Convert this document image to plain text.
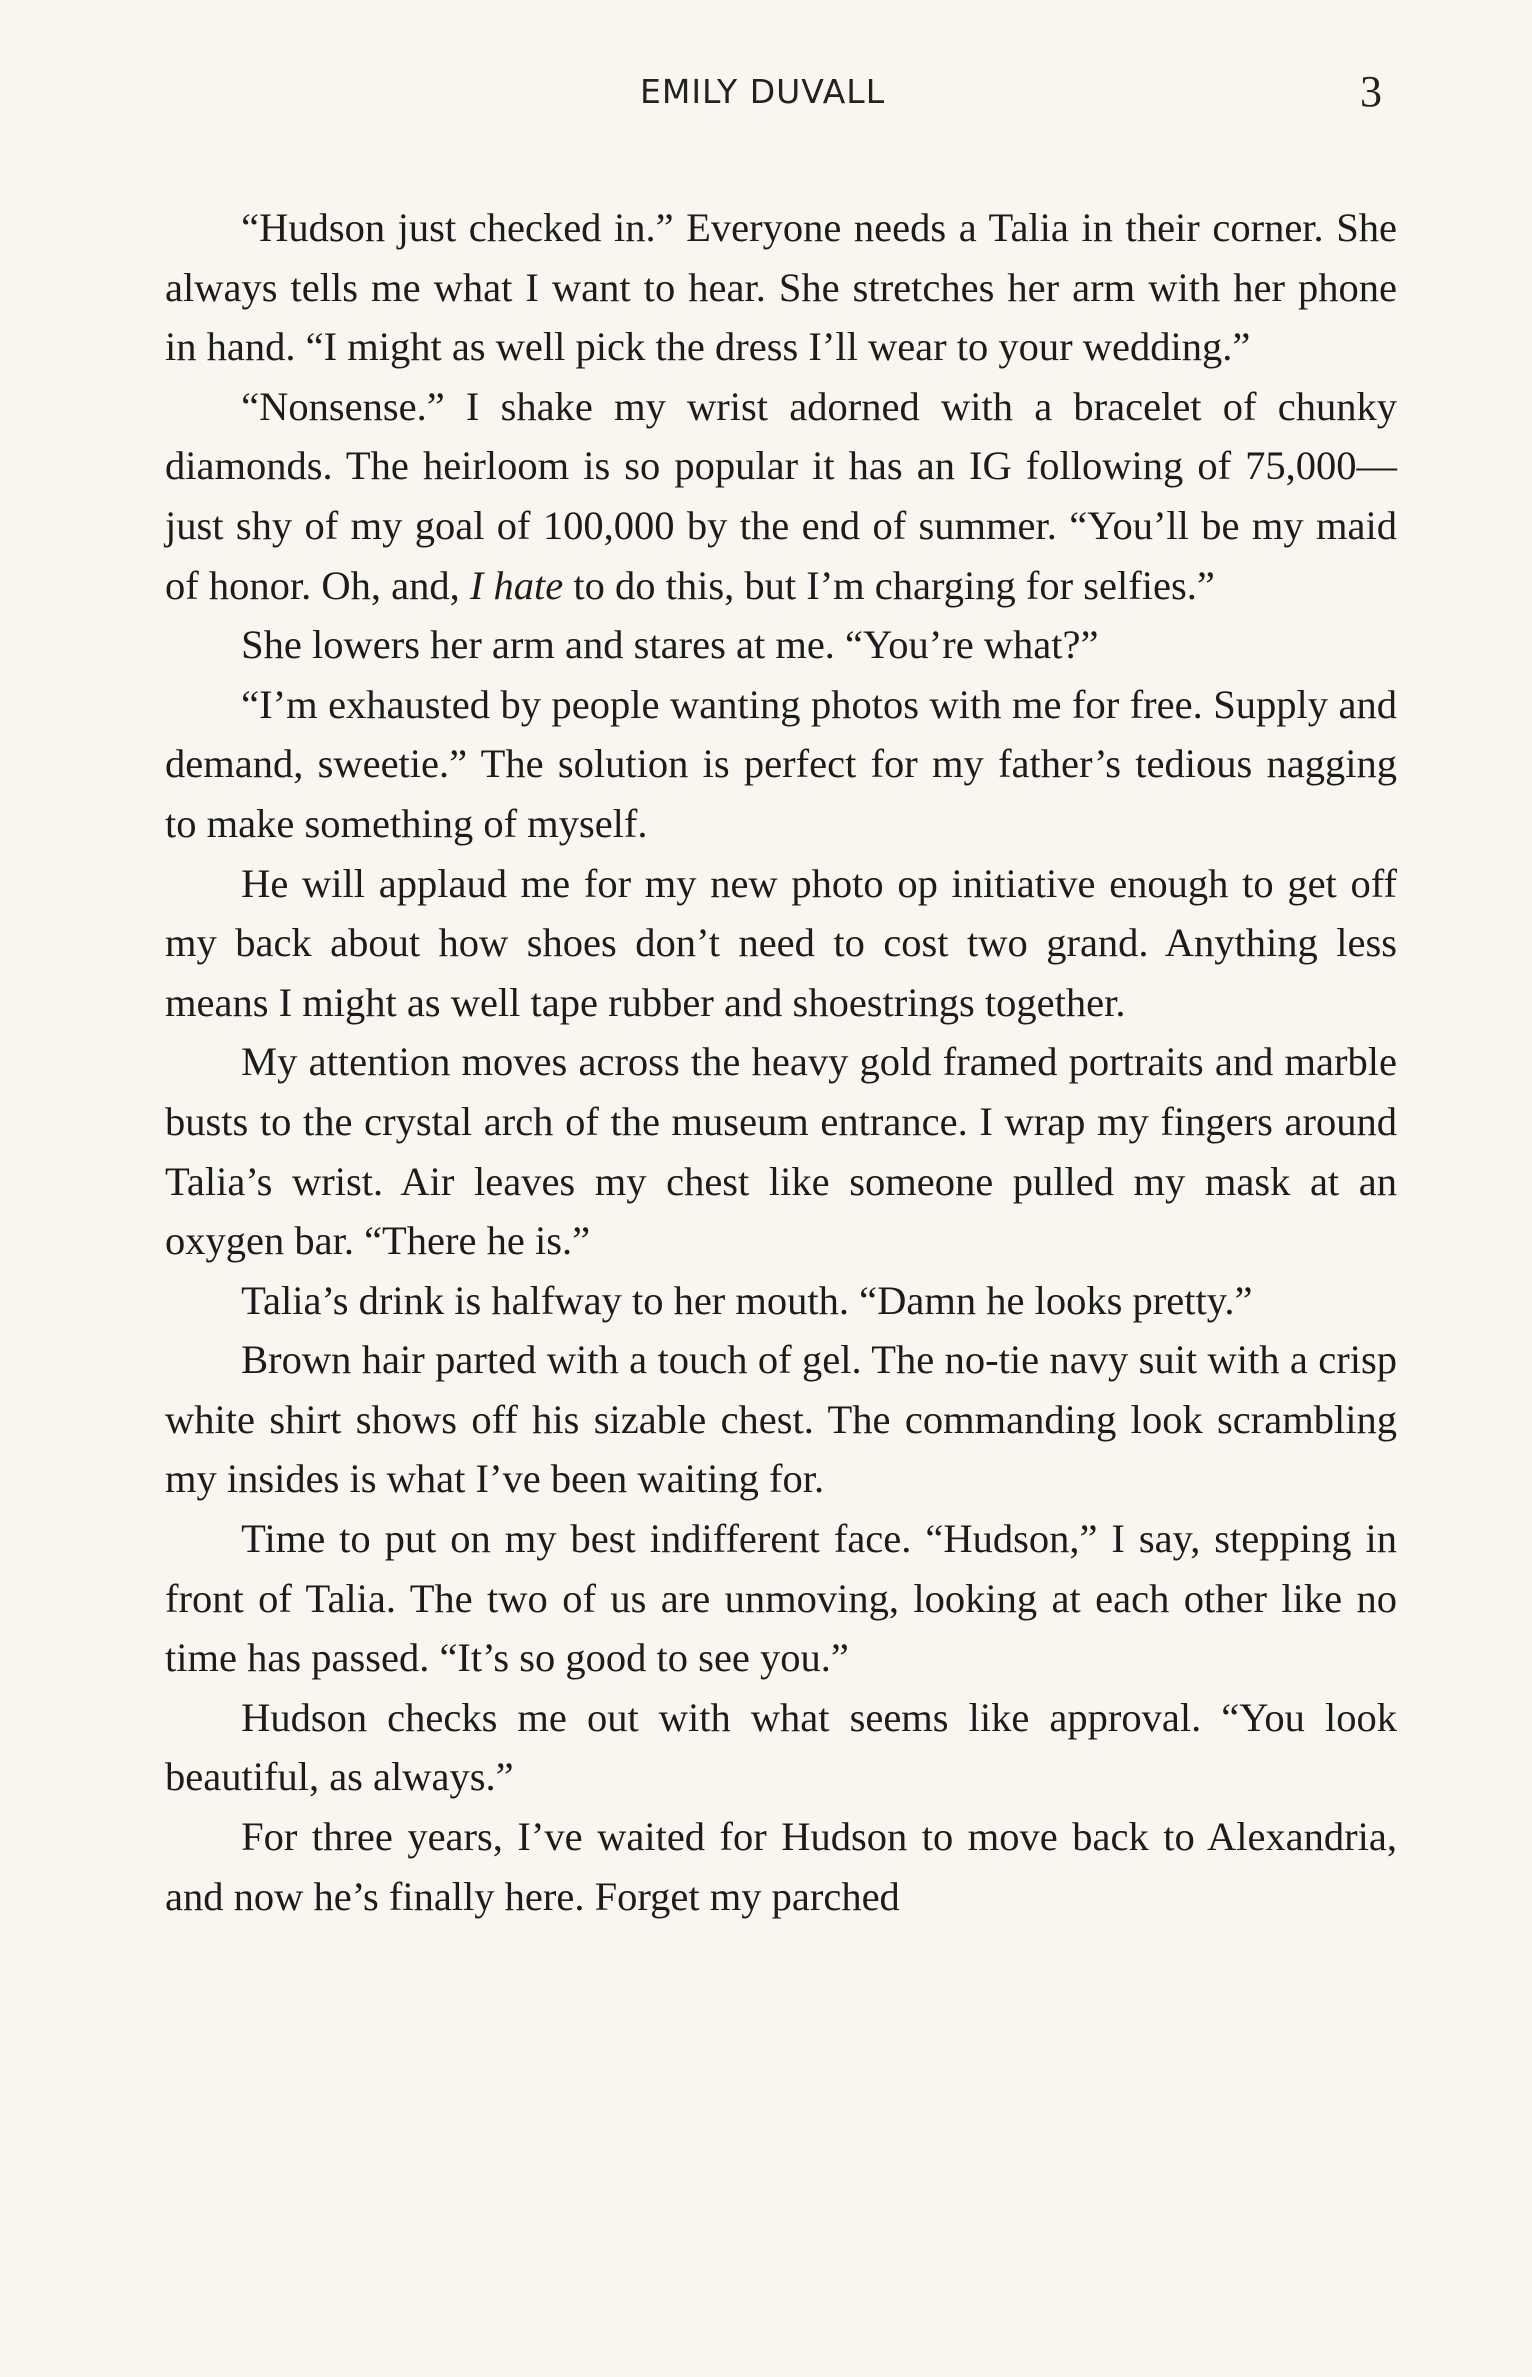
EMILY DUVALL	3

“Hudson just checked in.” Everyone needs a Talia in their corner. She always tells me what I want to hear. She stretches her arm with her phone in hand. “I might as well pick the dress I’ll wear to your wedding.”

“Nonsense.” I shake my wrist adorned with a bracelet of chunky diamonds. The heirloom is so popular it has an IG following of 75,000—just shy of my goal of 100,000 by the end of summer. “You’ll be my maid of honor. Oh, and, I hate to do this, but I’m charging for selfies.”

She lowers her arm and stares at me. “You’re what?”

“I’m exhausted by people wanting photos with me for free. Supply and demand, sweetie.” The solution is perfect for my father’s tedious nagging to make something of myself.

He will applaud me for my new photo op initiative enough to get off my back about how shoes don’t need to cost two grand. Anything less means I might as well tape rubber and shoestrings together.

My attention moves across the heavy gold framed portraits and marble busts to the crystal arch of the museum entrance. I wrap my fingers around Talia’s wrist. Air leaves my chest like someone pulled my mask at an oxygen bar. “There he is.”

Talia’s drink is halfway to her mouth. “Damn he looks pretty.”

Brown hair parted with a touch of gel. The no-tie navy suit with a crisp white shirt shows off his sizable chest. The commanding look scrambling my insides is what I’ve been waiting for.

Time to put on my best indifferent face. “Hudson,” I say, stepping in front of Talia. The two of us are unmoving, looking at each other like no time has passed. “It’s so good to see you.”

Hudson checks me out with what seems like approval. “You look beautiful, as always.”

For three years, I’ve waited for Hudson to move back to Alexandria, and now he’s finally here. Forget my parched
